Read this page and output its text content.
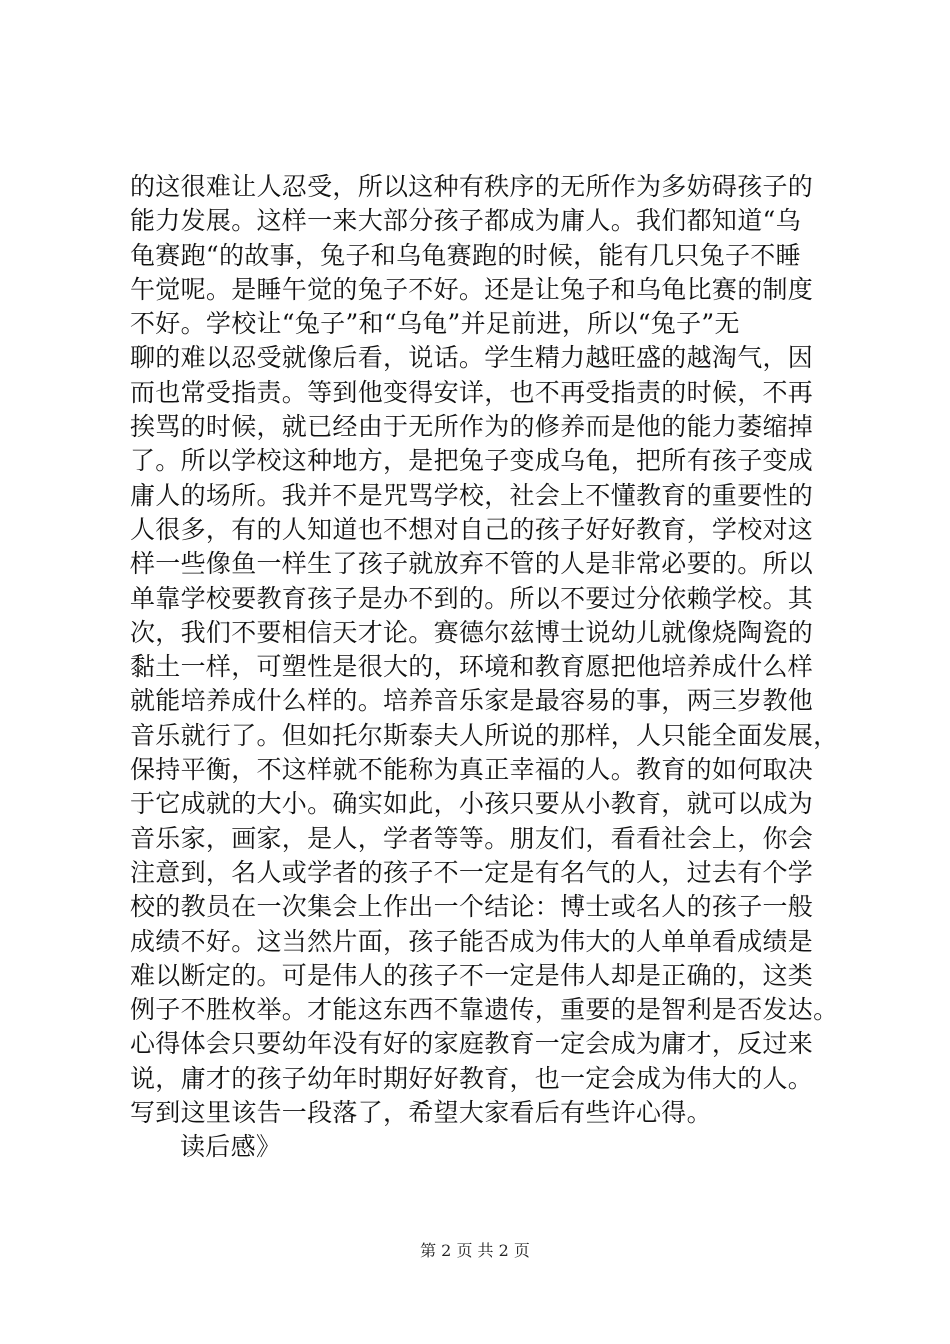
的这很难让人忍受，所以这种有秩序的无所作为多妨碍孩子的
能力发展。这样一来大部分孩子都成为庸人。我们都知道“乌
龟赛跑“的故事，兔子和乌龟赛跑的时候，能有几只兔子不睡
午觉呢。是睡午觉的兔子不好。还是让兔子和乌龟比赛的制度
不好。学校让“兔子”和“乌龟”并足前进，所以“兔子”无
聊的难以忍受就像后看，说话。学生精力越旺盛的越淘气，因
而也常受指责。等到他变得安详，也不再受指责的时候，不再
挨骂的时候，就已经由于无所作为的修养而是他的能力萎缩掉
了。所以学校这种地方，是把兔子变成乌龟，把所有孩子变成
庸人的场所。我并不是咒骂学校，社会上不懂教育的重要性的
人很多，有的人知道也不想对自己的孩子好好教育，学校对这
样一些像鱼一样生了孩子就放弃不管的人是非常必要的。所以
单靠学校要教育孩子是办不到的。所以不要过分依赖学校。其
次，我们不要相信天才论。赛德尔兹博士说幼儿就像烧陶瓷的
黏土一样，可塑性是很大的，环境和教育愿把他培养成什么样
就能培养成什么样的。培养音乐家是最容易的事，两三岁教他
音乐就行了。但如托尔斯泰夫人所说的那样，人只能全面发展，
保持平衡，不这样就不能称为真正幸福的人。教育的如何取决
于它成就的大小。确实如此，小孩只要从小教育，就可以成为
音乐家，画家，是人，学者等等。朋友们，看看社会上，你会
注意到，名人或学者的孩子不一定是有名气的人，过去有个学
校的教员在一次集会上作出一个结论：博士或名人的孩子一般
成绩不好。这当然片面，孩子能否成为伟大的人单单看成绩是
难以断定的。可是伟人的孩子不一定是伟人却是正确的，这类
例子不胜枚举。才能这东西不靠遗传，重要的是智利是否发达。
心得体会只要幼年没有好的家庭教育一定会成为庸才，反过来
说，庸才的孩子幼年时期好好教育，也一定会成为伟大的人。
写到这里该告一段落了，希望大家看后有些许心得。
读后感》
第 2 页 共 2 页
